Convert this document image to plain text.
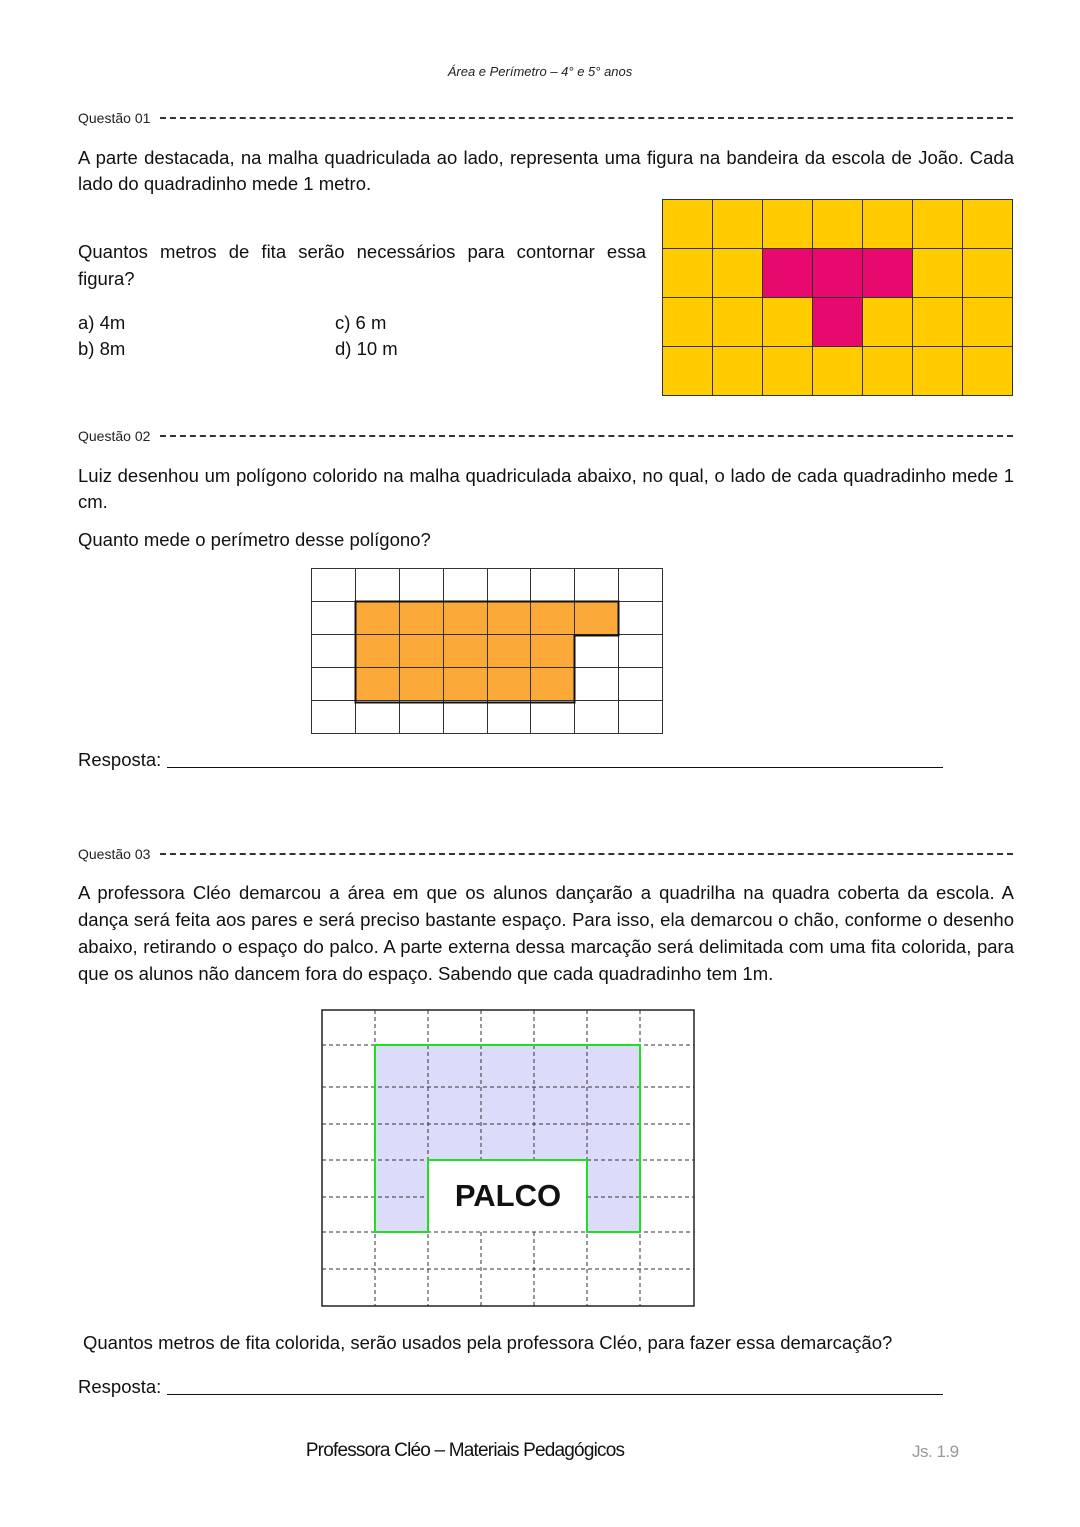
Área e Perímetro – 4° e 5° anos
Questão 01
A parte destacada, na malha quadriculada ao lado, representa uma figura na bandeira da escola de João. Cada lado do quadradinho mede 1 metro.
Quantos metros de fita serão necessários para contornar essa figura?
a) 4m
b) 8m
c) 6 m
d) 10 m

Questão 02
Luiz desenhou um polígono colorido na malha quadriculada abaixo, no qual, o lado de cada quadradinho mede 1 cm.
Quanto mede o perímetro desse polígono?

Resposta:
Questão 03
A professora Cléo demarcou a área em que os alunos dançarão a quadrilha na quadra coberta da escola. A dança será feita aos pares e será preciso bastante espaço. Para isso, ela demarcou o chão, conforme o desenho abaixo, retirando o espaço do palco. A parte externa dessa marcação será delimitada com uma fita colorida, para que os alunos não dancem fora do espaço. Sabendo que cada quadradinho tem 1m.
PALCO
Quantos metros de fita colorida, serão usados pela professora Cléo, para fazer essa demarcação?
Resposta:
Professora Cléo – Materiais Pedagógicos	Js. 1.9
